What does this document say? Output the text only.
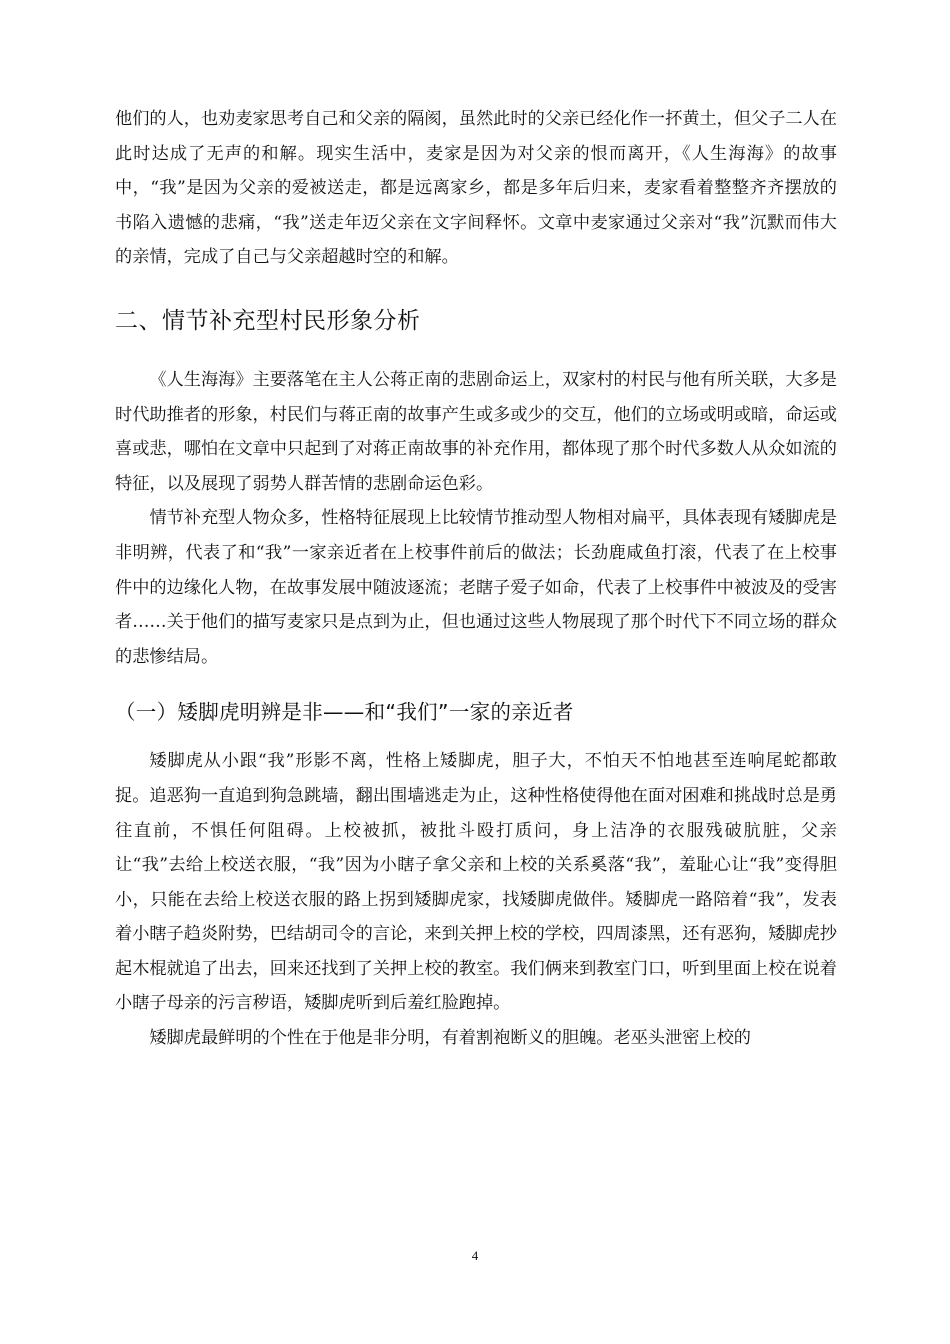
他们的人，也劝麦家思考自己和父亲的隔阂，虽然此时的父亲已经化作一抔黄土，但父子二人在此时达成了无声的和解。现实生活中，麦家是因为对父亲的恨而离开，《人生海海》的故事中，“我”是因为父亲的爱被送走，都是远离家乡，都是多年后归来，麦家看着整整齐齐摆放的书陷入遗憾的悲痛，“我”送走年迈父亲在文字间释怀。文章中麦家通过父亲对“我”沉默而伟大的亲情，完成了自己与父亲超越时空的和解。

二、情节补充型村民形象分析

《人生海海》主要落笔在主人公蒋正南的悲剧命运上，双家村的村民与他有所关联，大多是时代助推者的形象，村民们与蒋正南的故事产生或多或少的交互，他们的立场或明或暗，命运或喜或悲，哪怕在文章中只起到了对蒋正南故事的补充作用，都体现了那个时代多数人从众如流的特征，以及展现了弱势人群苦情的悲剧命运色彩。

情节补充型人物众多，性格特征展现上比较情节推动型人物相对扁平，具体表现有矮脚虎是非明辨，代表了和“我”一家亲近者在上校事件前后的做法；长劲鹿咸鱼打滚，代表了在上校事件中的边缘化人物，在故事发展中随波逐流；老瞎子爱子如命，代表了上校事件中被波及的受害者……关于他们的描写麦家只是点到为止，但也通过这些人物展现了那个时代下不同立场的群众的悲惨结局。

（一）矮脚虎明辨是非——和“我们”一家的亲近者

矮脚虎从小跟“我”形影不离，性格上矮脚虎，胆子大，不怕天不怕地甚至连响尾蛇都敢捉。追恶狗一直追到狗急跳墙，翻出围墙逃走为止，这种性格使得他在面对困难和挑战时总是勇往直前，不惧任何阻碍。上校被抓，被批斗殴打质问，身上洁净的衣服残破肮脏，父亲让“我”去给上校送衣服，“我”因为小瞎子拿父亲和上校的关系奚落“我”，羞耻心让“我”变得胆小，只能在去给上校送衣服的路上拐到矮脚虎家，找矮脚虎做伴。矮脚虎一路陪着“我”，发表着小瞎子趋炎附势，巴结胡司令的言论，来到关押上校的学校，四周漆黑，还有恶狗，矮脚虎抄起木棍就追了出去，回来还找到了关押上校的教室。我们俩来到教室门口，听到里面上校在说着小瞎子母亲的污言秽语，矮脚虎听到后羞红脸跑掉。

矮脚虎最鲜明的个性在于他是非分明，有着割袍断义的胆魄。老巫头泄密上校的

4
